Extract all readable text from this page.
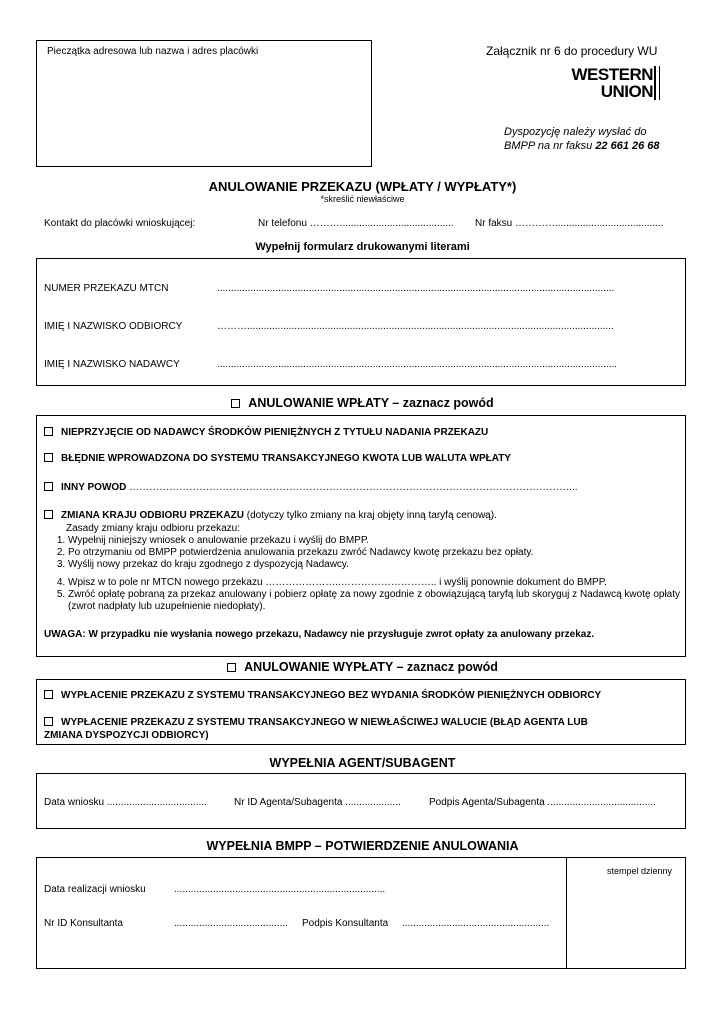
Pieczątka adresowa lub nazwa i adres placówki	Załącznik nr 6 do procedury WU
WESTERN
UNION
Dyspozycję należy wysłać do
BMPP na nr faksu 22 661 26 68
ANULOWANIE PRZEKAZU (WPŁATY / WYPŁATY*)
*skreślić niewłaściwe
Kontakt do placówki wnioskującej:	Nr telefonu ………......................................... Nr faksu ………….......................................
Wypełnij formularz drukowanymi literami
NUMER PRZEKAZU MTCN	...............................................................................................................................................
IMIĘ I NAZWISKO ODBIORCY	………....................................................................................................................................
IMIĘ I NAZWISKO NADAWCY	................................................................................................................................................
ANULOWANIE WPŁATY – zaznacz powód
NIEPRZYJĘCIE OD NADAWCY ŚRODKÓW PIENIĘŻNYCH Z TYTUŁU NADANIA PRZEKAZU
BŁĘDNIE WPROWADZONA DO SYSTEMU TRANSAKCYJNEGO KWOTA LUB WALUTA WPŁATY
INNY POWÓD ……………………………………………………………………………………………………………………...
ZMIANA KRAJU ODBIORU PRZEKAZU (dotyczy tylko zmiany na kraj objęty inną taryfą cenową).
Zasady zmiany kraju odbioru przekazu:
1. Wypełnij niniejszy wniosek o anulowanie przekazu i wyślij do BMPP.
2. Po otrzymaniu od BMPP potwierdzenia anulowania przekazu zwróć Nadawcy kwotę przekazu bez opłaty.
3. Wyślij nowy przekaz do kraju zgodnego z dyspozycją Nadawcy.
4. Wpisz w to pole nr MTCN nowego przekazu …………………..……………………….. i wyślij ponownie dokument do BMPP.
5. Zwróć opłatę pobraną za przekaz anulowany i pobierz opłatę za nowy zgodnie z obowiązującą taryfą lub skoryguj z Nadawcą kwotę opłaty (zwrot nadpłaty lub uzupełnienie niedopłaty).
UWAGA: W przypadku nie wysłania nowego przekazu, Nadawcy nie przysługuje zwrot opłaty za anulowany przekaz.
ANULOWANIE WYPŁATY – zaznacz powód
WYPŁACENIE PRZEKAZU Z SYSTEMU TRANSAKCYJNEGO BEZ WYDANIA ŚRODKÓW PIENIĘŻNYCH ODBIORCY
WYPŁACENIE PRZEKAZU Z SYSTEMU TRANSAKCYJNEGO W NIEWŁAŚCIWEJ WALUCIE (BŁĄD AGENTA LUB
ZMIANA DYSPOZYCJI ODBIORCY)
WYPEŁNIA AGENT/SUBAGENT
Data wniosku ....................................	Nr ID Agenta/Subagenta ....................	Podpis Agenta/Subagenta .......................................
WYPEŁNIA BMPP – POTWIERDZENIE ANULOWANIA
stempel dzienny
Data realizacji wniosku	............................................................................
Nr ID Konsultanta	.........................................	Podpis Konsultanta .....................................................
